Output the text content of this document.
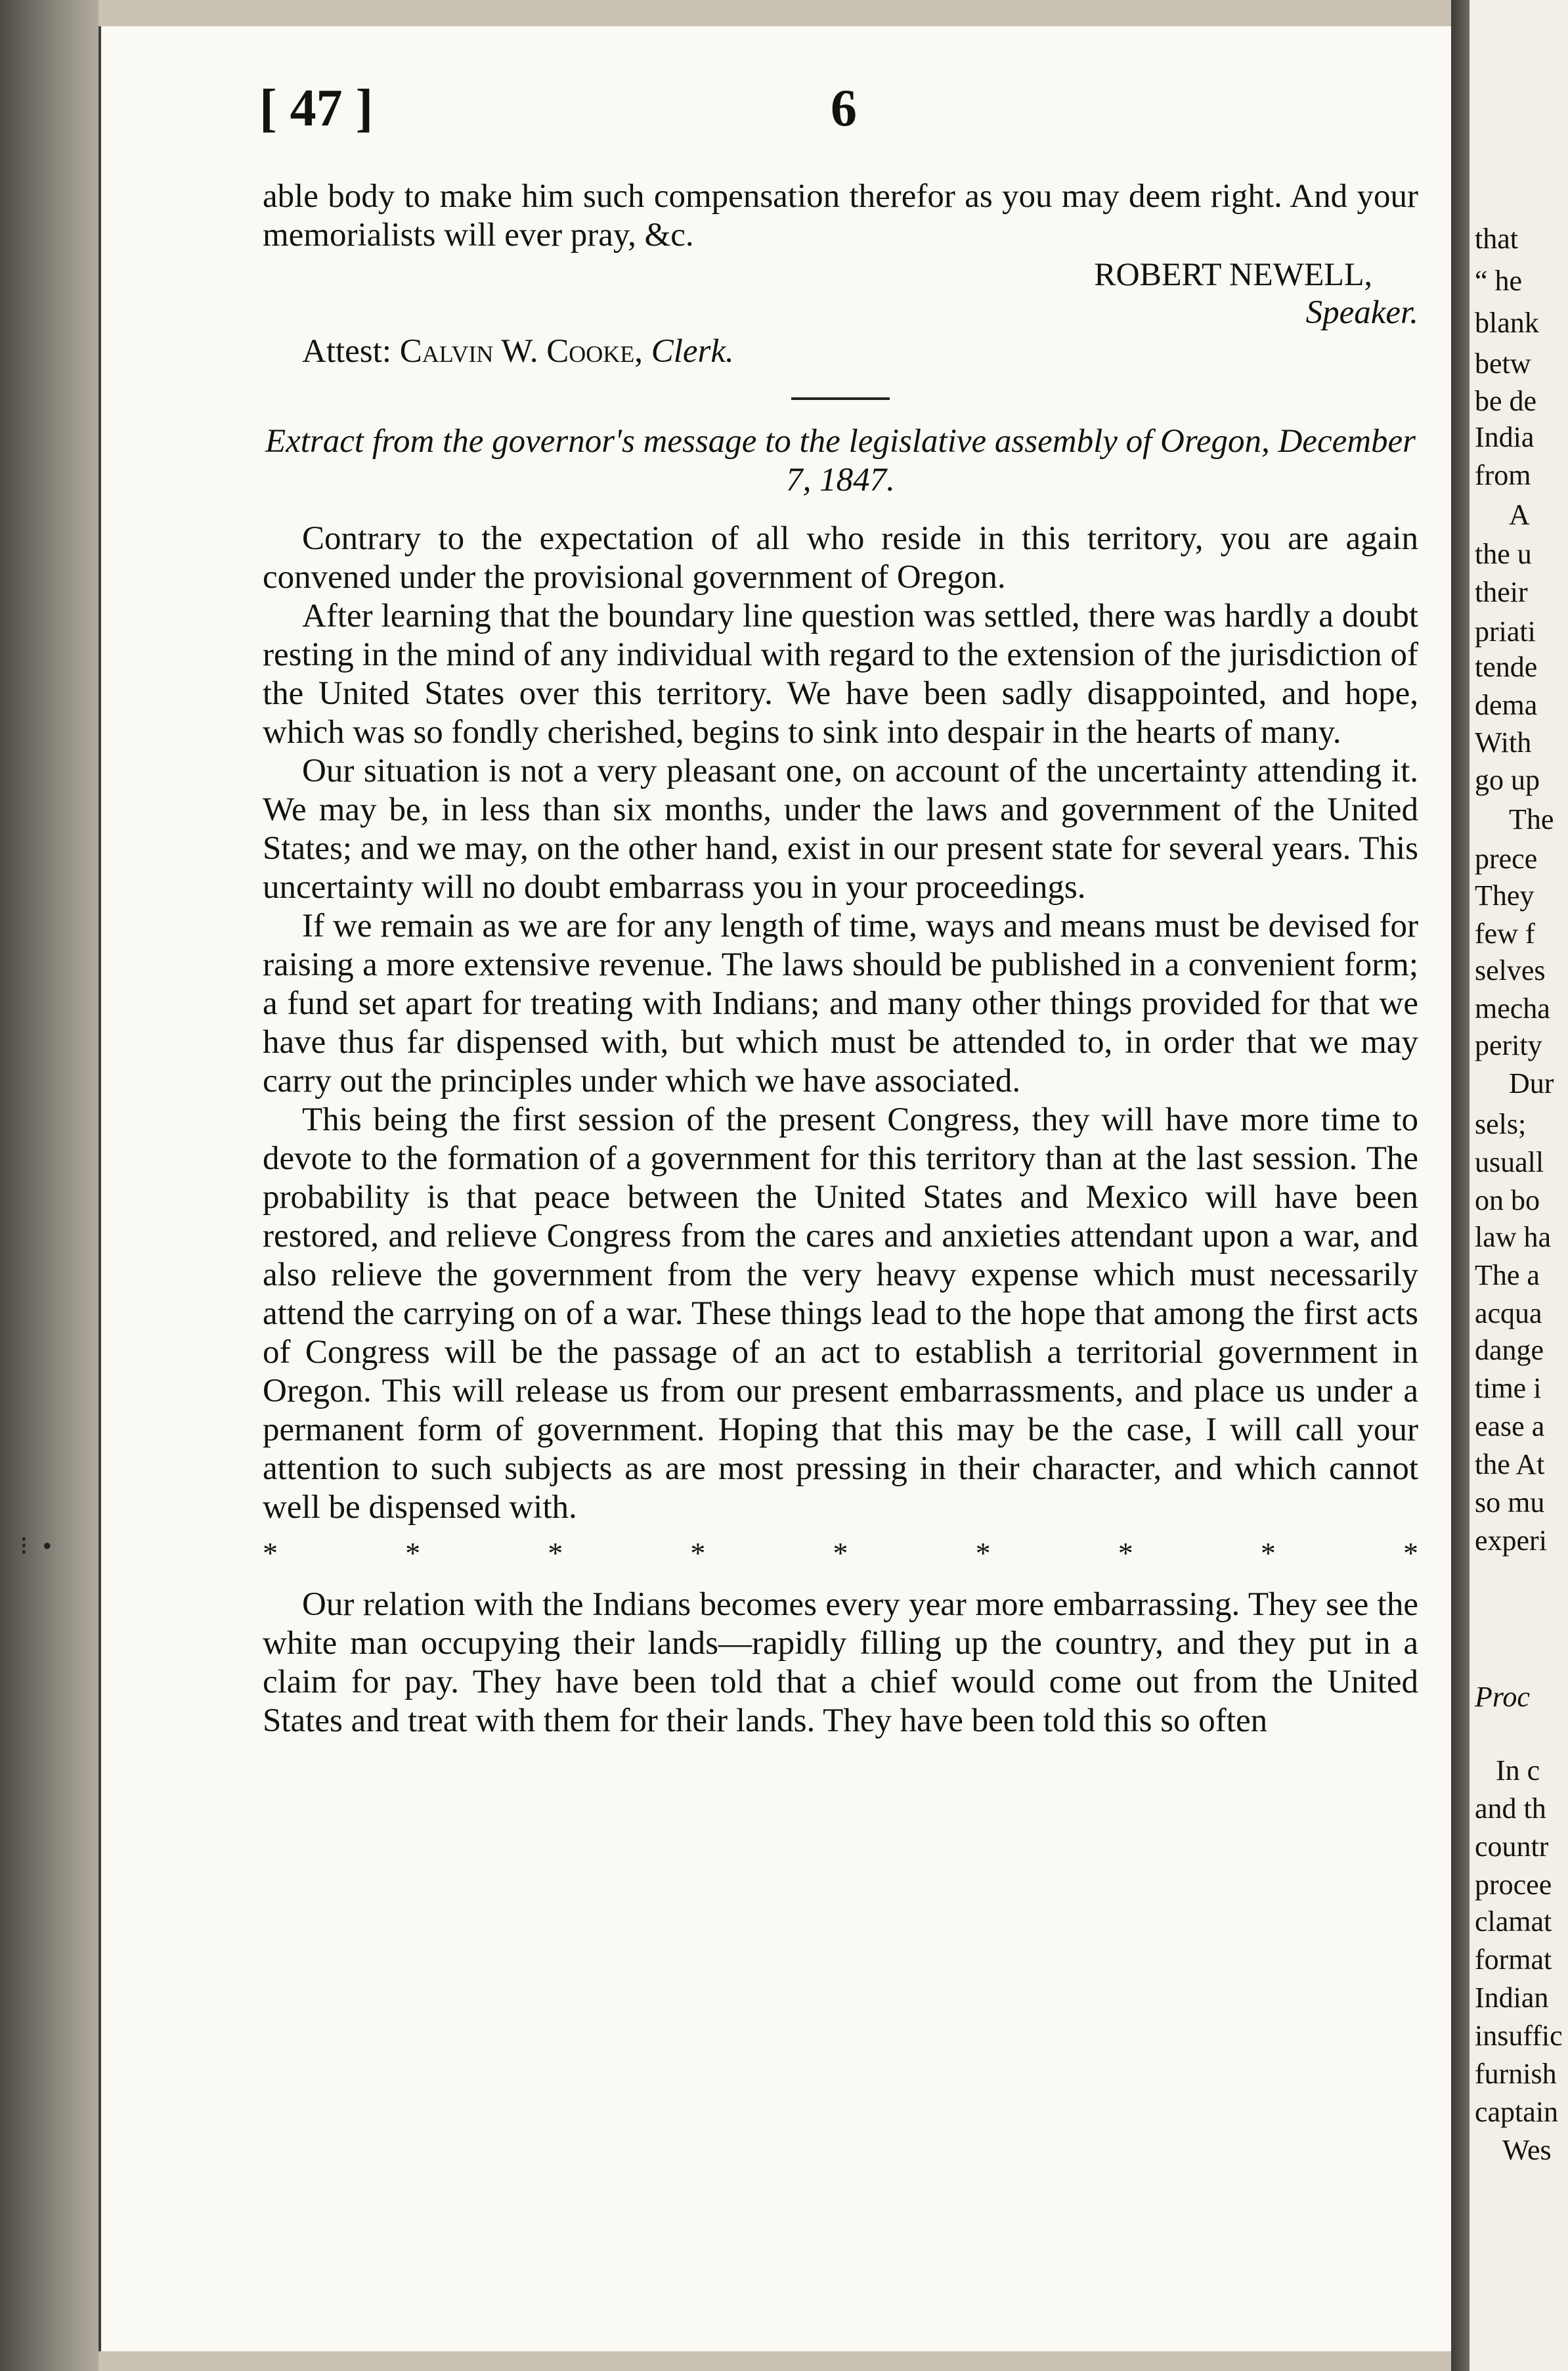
⁝ •
that
“ he
blank
betw
be de
India
from
A
the u
their
priati
tende
dema
With
go up
The
prece
They
few f
selves
mecha
perity
Dur
sels;
usuall
on bo
law ha
The a
acqua
dange
time i
ease a
the At
so mu
experi
Proc
In c
and th
countr
procee
clamat
format
Indian
insuffic
furnish
captain
Wes
[ 47 ]	6

able body to make him such compensation therefor as you may deem right. And your memorialists will ever pray, &c.

ROBERT NEWELL,

Speaker.

Attest: Calvin W. Cooke, Clerk.

Extract from the governor's message to the legislative assembly of Oregon, December 7, 1847.

Contrary to the expectation of all who reside in this territory, you are again convened under the provisional government of Oregon.

After learning that the boundary line question was settled, there was hardly a doubt resting in the mind of any individual with regard to the extension of the jurisdiction of the United States over this territory. We have been sadly disappointed, and hope, which was so fondly cherished, begins to sink into despair in the hearts of many.

Our situation is not a very pleasant one, on account of the uncertainty attending it. We may be, in less than six months, under the laws and government of the United States; and we may, on the other hand, exist in our present state for several years. This uncertainty will no doubt embarrass you in your proceedings.

If we remain as we are for any length of time, ways and means must be devised for raising a more extensive revenue. The laws should be published in a convenient form; a fund set apart for treating with Indians; and many other things provided for that we have thus far dispensed with, but which must be attended to, in order that we may carry out the principles under which we have associated.

This being the first session of the present Congress, they will have more time to devote to the formation of a government for this territory than at the last session. The probability is that peace between the United States and Mexico will have been restored, and relieve Congress from the cares and anxieties attendant upon a war, and also relieve the government from the very heavy expense which must necessarily attend the carrying on of a war. These things lead to the hope that among the first acts of Congress will be the passage of an act to establish a territorial government in Oregon. This will release us from our present embarrassments, and place us under a permanent form of government. Hoping that this may be the case, I will call your attention to such subjects as are most pressing in their character, and which cannot well be dispensed with.

*	*	*	*	*	*	*	*	*

Our relation with the Indians becomes every year more embarrassing. They see the white man occupying their lands—rapidly filling up the country, and they put in a claim for pay. They have been told that a chief would come out from the United States and treat with them for their lands. They have been told this so often
